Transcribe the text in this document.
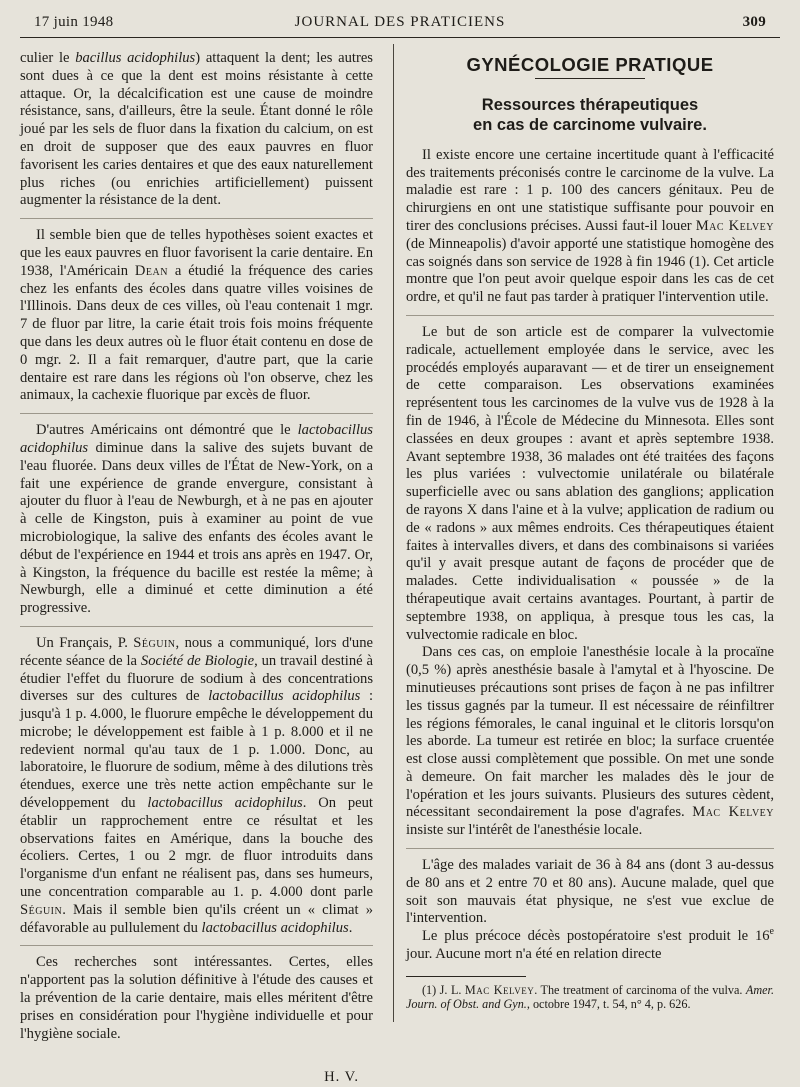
17 juin 1948	JOURNAL DES PRATICIENS	309

culier le bacillus acidophilus) attaquent la dent; les autres sont dues à ce que la dent est moins résistante à cette attaque. Or, la décalcification est une cause de moindre résistance, sans, d'ailleurs, être la seule. Étant donné le rôle joué par les sels de fluor dans la fixation du calcium, on est en droit de supposer que des eaux pauvres en fluor favorisent les caries dentaires et que des eaux naturellement plus riches (ou enrichies artificiellement) puissent augmenter la résistance de la dent.

Il semble bien que de telles hypothèses soient exactes et que les eaux pauvres en fluor favorisent la carie dentaire. En 1938, l'Américain Dean a étudié la fréquence des caries chez les enfants des écoles dans quatre villes voisines de l'Illinois. Dans deux de ces villes, où l'eau contenait 1 mgr. 7 de fluor par litre, la carie était trois fois moins fréquente que dans les deux autres où le fluor était contenu en dose de 0 mgr. 2. Il a fait remarquer, d'autre part, que la carie dentaire est rare dans les régions où l'on observe, chez les animaux, la cachexie fluorique par excès de fluor.

D'autres Américains ont démontré que le lactobacillus acidophilus diminue dans la salive des sujets buvant de l'eau fluorée. Dans deux villes de l'État de New-York, on a fait une expérience de grande envergure, consistant à ajouter du fluor à l'eau de Newburgh, et à ne pas en ajouter à celle de Kingston, puis à examiner au point de vue microbiologique, la salive des enfants des écoles avant le début de l'expérience en 1944 et trois ans après en 1947. Or, à Kingston, la fréquence du bacille est restée la même; à Newburgh, elle a diminué et cette diminution a été progressive.

Un Français, P. Séguin, nous a communiqué, lors d'une récente séance de la Société de Biologie, un travail destiné à étudier l'effet du fluorure de sodium à des concentrations diverses sur des cultures de lactobacillus acidophilus : jusqu'à 1 p. 4.000, le fluorure empêche le développement du microbe; le développement est faible à 1 p. 8.000 et il ne redevient normal qu'au taux de 1 p. 1.000. Donc, au laboratoire, le fluorure de sodium, même à des dilutions très étendues, exerce une très nette action empêchante sur le développement du lactobacillus acidophilus. On peut établir un rapprochement entre ce résultat et les observations faites en Amérique, dans la bouche des écoliers. Certes, 1 ou 2 mgr. de fluor introduits dans l'organisme d'un enfant ne réalisent pas, dans ses humeurs, une concentration comparable au 1. p. 4.000 dont parle Séguin. Mais il semble bien qu'ils créent un « climat » défavorable au pullulement du lactobacillus acidophilus.

Ces recherches sont intéressantes. Certes, elles n'apportent pas la solution définitive à l'étude des causes et la prévention de la carie dentaire, mais elles méritent d'être prises en considération pour l'hygiène individuelle et pour l'hygiène sociale.

H. V.
GYNÉCOLOGIE PRATIQUE
Ressources thérapeutiques
en cas de carcinome vulvaire.

Il existe encore une certaine incertitude quant à l'efficacité des traitements préconisés contre le carcinome de la vulve. La maladie est rare : 1 p. 100 des cancers génitaux. Peu de chirurgiens en ont une statistique suffisante pour pouvoir en tirer des conclusions précises. Aussi faut-il louer Mac Kelvey (de Minneapolis) d'avoir apporté une statistique homogène des cas soignés dans son service de 1928 à fin 1946 (1). Cet article montre que l'on peut avoir quelque espoir dans les cas de cet ordre, et qu'il ne faut pas tarder à pratiquer l'intervention utile.

Le but de son article est de comparer la vulvectomie radicale, actuellement employée dans le service, avec les procédés employés auparavant — et de tirer un enseignement de cette comparaison. Les observations examinées représentent tous les carcinomes de la vulve vus de 1928 à la fin de 1946, à l'École de Médecine du Minnesota. Elles sont classées en deux groupes : avant et après septembre 1938. Avant septembre 1938, 36 malades ont été traitées des façons les plus variées : vulvectomie unilatérale ou bilatérale superficielle avec ou sans ablation des ganglions; application de rayons X dans l'aine et à la vulve; application de radium ou de « radons » aux mêmes endroits. Ces thérapeutiques étaient faites à intervalles divers, et dans des combinaisons si variées qu'il y avait presque autant de façons de procéder que de malades. Cette individualisation « poussée » de la thérapeutique avait certains avantages. Pourtant, à partir de septembre 1938, on appliqua, à presque tous les cas, la vulvectomie radicale en bloc.

Dans ces cas, on emploie l'anesthésie locale à la procaïne (0,5 %) après anesthésie basale à l'amytal et à l'hyoscine. De minutieuses précautions sont prises de façon à ne pas infiltrer les tissus gagnés par la tumeur. Il est nécessaire de réinfiltrer les régions fémorales, le canal inguinal et le clitoris lorsqu'on les aborde. La tumeur est retirée en bloc; la surface cruentée est close aussi complètement que possible. On met une sonde à demeure. On fait marcher les malades dès le jour de l'opération et les jours suivants. Plusieurs des sutures cèdent, nécessitant secondairement la pose d'agrafes. Mac Kelvey insiste sur l'intérêt de l'anesthésie locale.

L'âge des malades variait de 36 à 84 ans (dont 3 au-dessus de 80 ans et 2 entre 70 et 80 ans). Aucune malade, quel que soit son mauvais état physique, ne s'est vue exclue de l'intervention.

Le plus précoce décès postopératoire s'est produit le 16e jour. Aucune mort n'a été en relation directe

(1) J. L. Mac Kelvey. The treatment of carcinoma of the vulva. Amer. Journ. of Obst. and Gyn., octobre 1947, t. 54, n° 4, p. 626.
